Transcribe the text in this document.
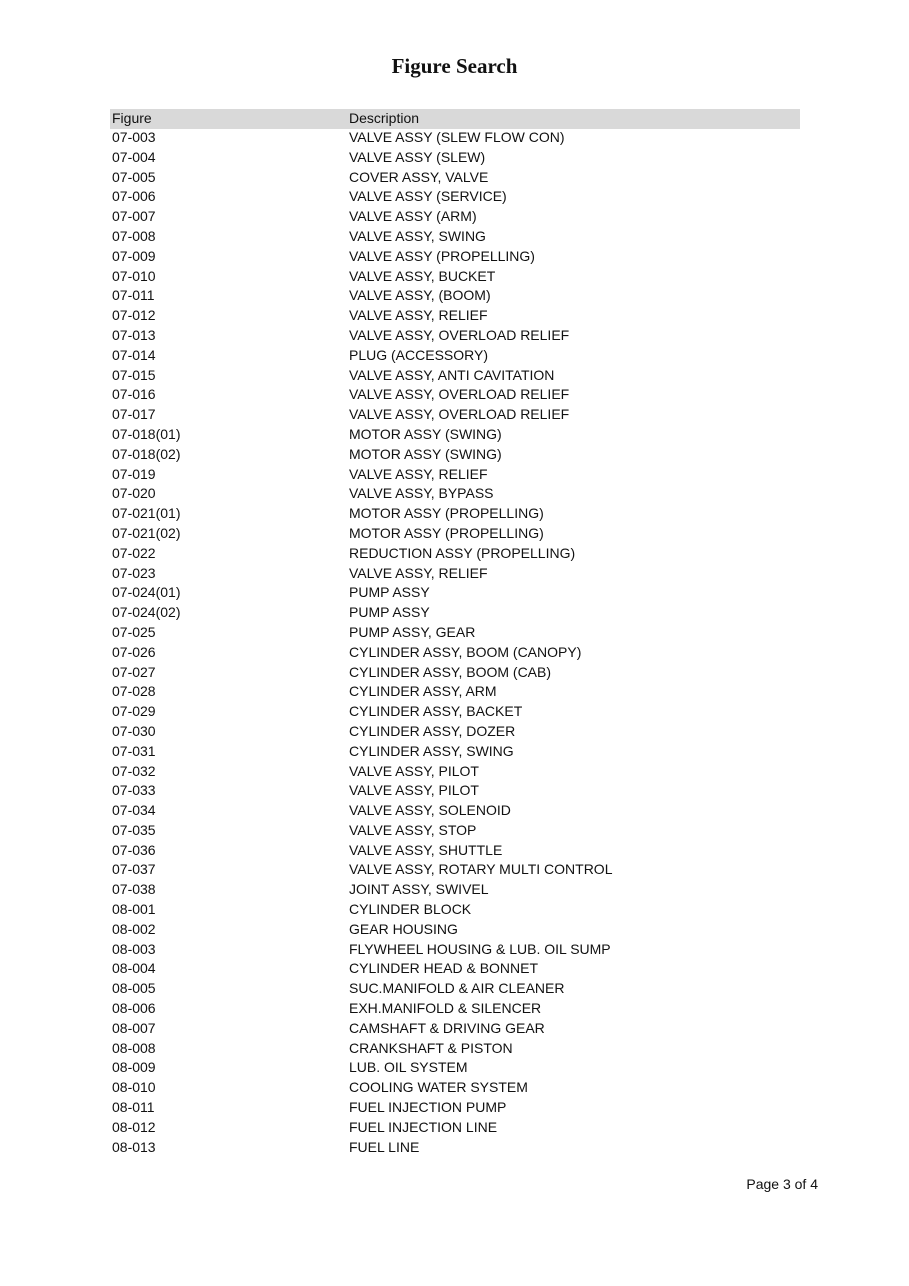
Figure Search
Figure	Description
07-003	VALVE ASSY (SLEW FLOW CON)
07-004	VALVE ASSY (SLEW)
07-005	COVER ASSY, VALVE
07-006	VALVE ASSY (SERVICE)
07-007	VALVE ASSY (ARM)
07-008	VALVE ASSY, SWING
07-009	VALVE ASSY (PROPELLING)
07-010	VALVE ASSY, BUCKET
07-011	VALVE ASSY, (BOOM)
07-012	VALVE ASSY, RELIEF
07-013	VALVE ASSY, OVERLOAD RELIEF
07-014	PLUG (ACCESSORY)
07-015	VALVE ASSY, ANTI CAVITATION
07-016	VALVE ASSY, OVERLOAD RELIEF
07-017	VALVE ASSY, OVERLOAD RELIEF
07-018(01)	MOTOR ASSY (SWING)
07-018(02)	MOTOR ASSY (SWING)
07-019	VALVE ASSY, RELIEF
07-020	VALVE ASSY, BYPASS
07-021(01)	MOTOR ASSY (PROPELLING)
07-021(02)	MOTOR ASSY (PROPELLING)
07-022	REDUCTION ASSY (PROPELLING)
07-023	VALVE ASSY, RELIEF
07-024(01)	PUMP ASSY
07-024(02)	PUMP ASSY
07-025	PUMP ASSY, GEAR
07-026	CYLINDER ASSY, BOOM (CANOPY)
07-027	CYLINDER ASSY, BOOM (CAB)
07-028	CYLINDER ASSY, ARM
07-029	CYLINDER ASSY, BACKET
07-030	CYLINDER ASSY, DOZER
07-031	CYLINDER ASSY, SWING
07-032	VALVE ASSY, PILOT
07-033	VALVE ASSY, PILOT
07-034	VALVE ASSY, SOLENOID
07-035	VALVE ASSY, STOP
07-036	VALVE ASSY, SHUTTLE
07-037	VALVE ASSY, ROTARY MULTI CONTROL
07-038	JOINT ASSY, SWIVEL
08-001	CYLINDER BLOCK
08-002	GEAR HOUSING
08-003	FLYWHEEL HOUSING & LUB. OIL SUMP
08-004	CYLINDER HEAD & BONNET
08-005	SUC.MANIFOLD & AIR CLEANER
08-006	EXH.MANIFOLD & SILENCER
08-007	CAMSHAFT & DRIVING GEAR
08-008	CRANKSHAFT & PISTON
08-009	LUB. OIL SYSTEM
08-010	COOLING WATER SYSTEM
08-011	FUEL INJECTION PUMP
08-012	FUEL INJECTION LINE
08-013	FUEL LINE
Page 3 of 4
